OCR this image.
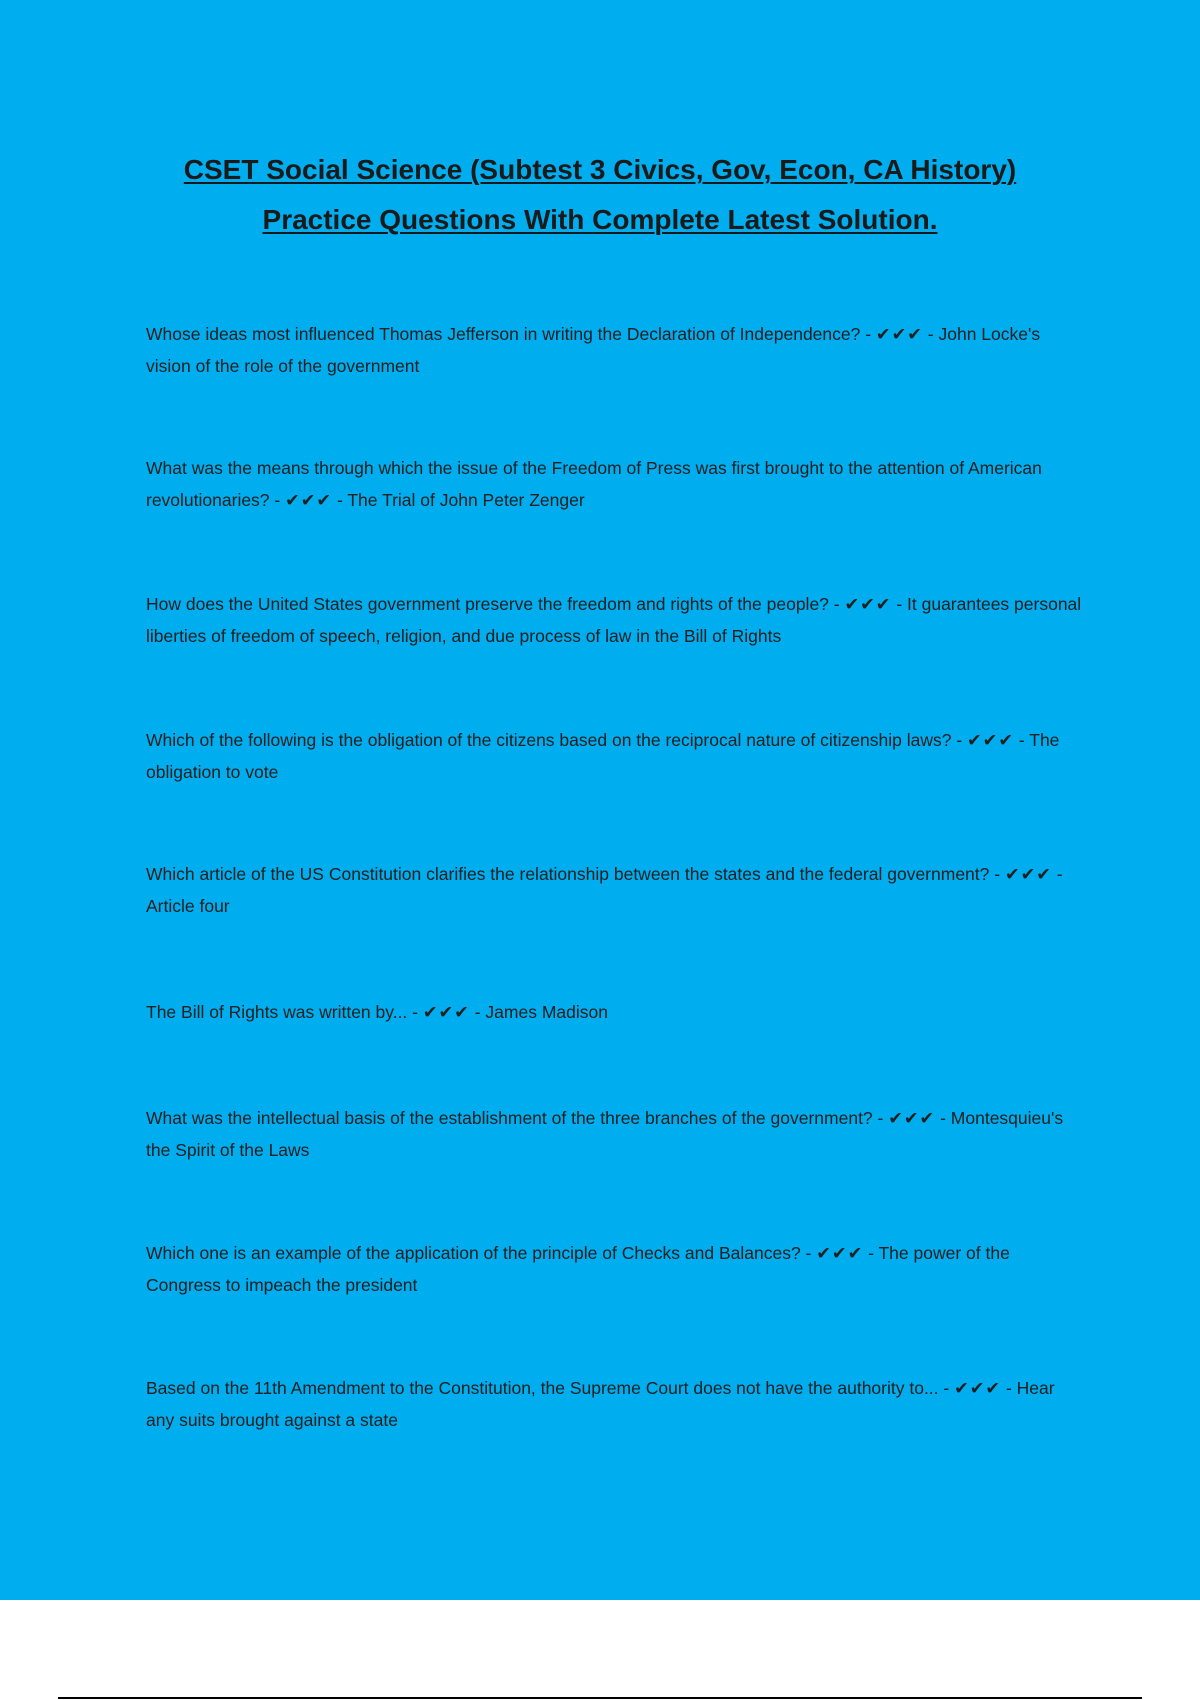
CSET Social Science (Subtest 3 Civics, Gov, Econ, CA History)
Practice Questions With Complete Latest Solution.
Whose ideas most influenced Thomas Jefferson in writing the Declaration of Independence? - ✔✔✔ - John Locke's vision of the role of the government
What was the means through which the issue of the Freedom of Press was first brought to the attention of American revolutionaries? - ✔✔✔ - The Trial of John Peter Zenger
How does the United States government preserve the freedom and rights of the people? - ✔✔✔ - It guarantees personal liberties of freedom of speech, religion, and due process of law in the Bill of Rights
Which of the following is the obligation of the citizens based on the reciprocal nature of citizenship laws? - ✔✔✔ - The obligation to vote
Which article of the US Constitution clarifies the relationship between the states and the federal government? - ✔✔✔ - Article four
The Bill of Rights was written by... - ✔✔✔ - James Madison
What was the intellectual basis of the establishment of the three branches of the government? - ✔✔✔ - Montesquieu's the Spirit of the Laws
Which one is an example of the application of the principle of Checks and Balances? - ✔✔✔ - The power of the Congress to impeach the president
Based on the 11th Amendment to the Constitution, the Supreme Court does not have the authority to... - ✔✔✔ - Hear any suits brought against a state
